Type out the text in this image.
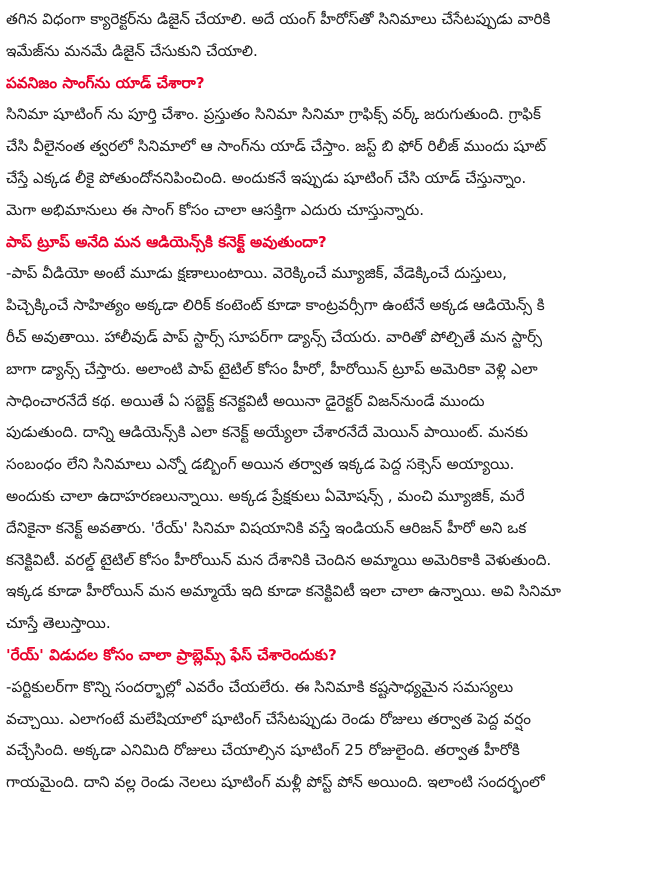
తగిన విధంగా క్యారెక్టర్‌ను డిజైన్‌ చేయాలి. అదే యంగ్‌ హీరోస్‌తో సినిమాలు చేసేటప్పుడు వారికి
ఇమేజ్‌ను మనమే డిజైన్‌ చేసుకుని చేయాలి.
పవనిజం సాంగ్‌ను యాడ్‌ చేశారా?
సినిమా షూటింగ్‌ ను పూర్తి చేశాం. ప్రస్తుతం సినిమా సినిమా గ్రాఫిక్స్‌ వర్క్‌ జరుగుతుంది. గ్రాఫిక్‌
చేసి వీలైనంత త్వరలో సినిమాలో ఆ సాంగ్‌ను యాడ్‌ చేస్తాం. జస్ట్‌ బి ఫోర్‌ రిలీజ్‌ ముందు షూట్‌
చేస్తే ఎక్కడ లీకై పోతుందోననిపించింది. అందుకనే ఇప్పుడు షూటింగ్‌ చేసి యాడ్‌ చేస్తున్నాం.
మెగా అభిమానులు ఈ సాంగ్‌ కోసం చాలా ఆసక్తిగా ఎదురు చూస్తున్నారు.
పాప్‌ ట్రూప్‌ అనేది మన ఆడియెన్స్‌కి కనెక్ట్‌ అవుతుందా?
-పాప్‌ వీడియో అంటే మూడు క్షణాలుంటాయి. వెరెక్కించే మ్యూజిక్‌, వేడెక్కించే దుస్తులు,
పిచ్చెక్కించే సాహిత్యం అక్కడా లిరిక్‌ కంటెంట్‌ కూడా కాంట్రవర్సీగా ఉంటేనే అక్కడ ఆడియెన్స్‌ కి
రీచ్‌ అవుతాయి. హాలీవుడ్‌ పాప్‌ స్టార్స్‌ సూపర్‌గా డ్యాన్స్‌ చేయరు. వారితో పోల్చితే మన స్టార్స్‌
బాగా డ్యాన్స్‌ చేస్తారు. అలాంటి పాప్‌ టైటిల్‌ కోసం హీరో, హీరోయిన్‌ ట్రూప్‌ అమెరికా వెళ్లి ఎలా
సాధించారనేదే కథ. అయితే ఏ సబ్జెక్ట్‌ కనెక్టవిటీ అయినా డైరెక్టర్‌ విజన్‌నుండే ముందు
పుడుతుంది. దాన్ని ఆడియెన్స్‌కి ఎలా కనెక్ట్‌ అయ్యేలా చేశారనేదే మెయిన్‌ పాయింట్‌. మనకు
సంబంధం లేని సినిమాలు ఎన్నో డబ్బింగ్‌ అయిన తర్వాత ఇక్కడ పెద్ద సక్సెస్‌ అయ్యాయి.
అందుకు చాలా ఉదాహరణలున్నాయి. అక్కడ ప్రేక్షకులు ఏమోషన్స్‌ , మంచి మ్యూజిక్‌, మరే
దేనికైనా కనెక్ట్‌ అవతారు. 'రేయ్‌' సినిమా విషయానికి వస్తే ఇండియన్‌ ఆరిజన్‌ హీరో అని ఒక
కనెక్టివిటీ. వరల్డ్‌ టైటిల్‌ కోసం హీరోయిన్‌ మన దేశానికి చెందిన అమ్మాయి అమెరికాకి వెళుతుంది.
ఇక్కడ కూడా హీరోయిన్‌ మన అమ్మాయే ఇది కూడా కనెక్టివిటీ ఇలా చాలా ఉన్నాయి. అవి సినిమా
చూస్తే తెలుస్తాయి.
'రేయ్‌' విడుదల కోసం చాలా ప్రాబ్లెమ్స్‌ ఫేస్‌ చేశారెందుకు?
-పర్టికులర్‌గా కొన్ని సందర్భాల్లో ఎవరేం చేయలేరు. ఈ సినిమాకి కష్టసాధ్యమైన సమస్యలు
వచ్చాయి. ఎలాగంటే మలేషియాలో షూటింగ్‌ చేసేటప్పుడు రెండు రోజులు తర్వాత పెద్ద వర్షం
వచ్చేసింది. అక్కడా ఎనిమిది రోజులు చేయాల్సిన షూటింగ్‌ 25 రోజులైంది. తర్వాత హీరోకి
గాయమైంది. దాని వల్ల రెండు నెలలు షూటింగ్‌ మళ్లీ పోస్ట్‌ పోన్‌ అయింది. ఇలాంటి సందర్భంలో
